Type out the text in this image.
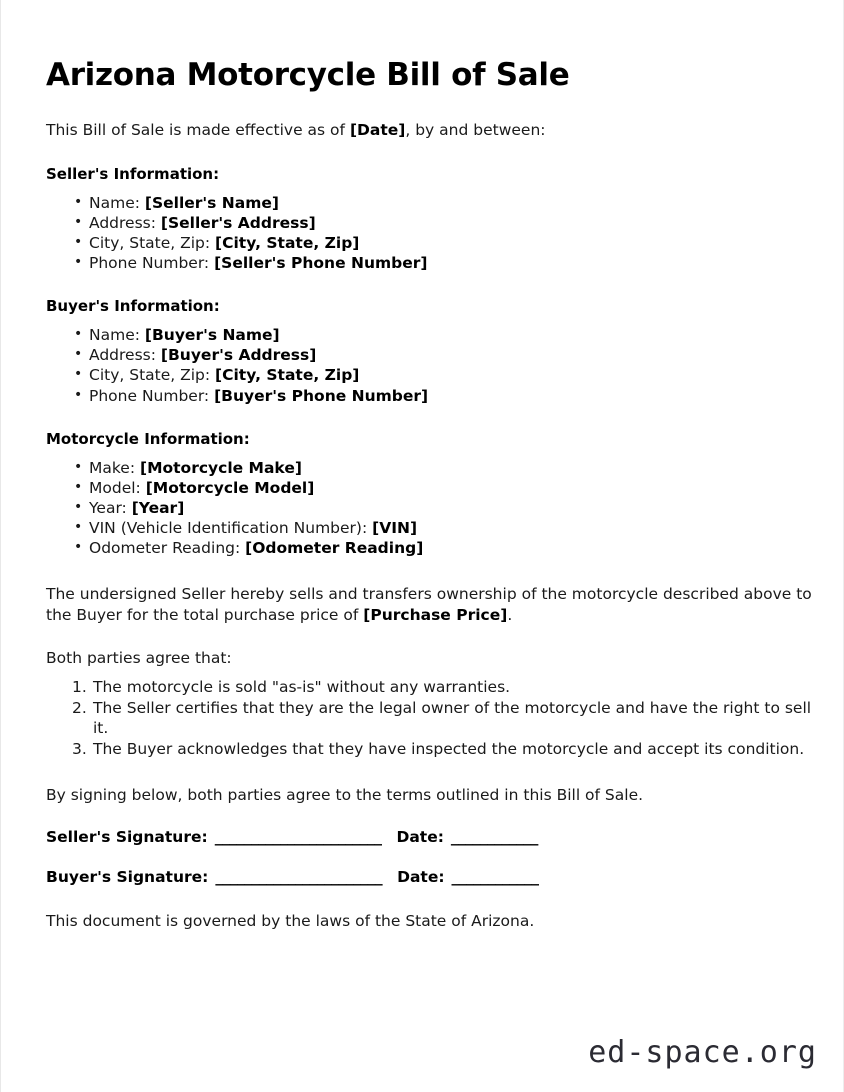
Arizona Motorcycle Bill of Sale

This Bill of Sale is made effective as of [Date], by and between:

Seller's Information:
• Name: [Seller's Name]
• Address: [Seller's Address]
• City, State, Zip: [City, State, Zip]
• Phone Number: [Seller's Phone Number]
Buyer's Information:
• Name: [Buyer's Name]
• Address: [Buyer's Address]
• City, State, Zip: [City, State, Zip]
• Phone Number: [Buyer's Phone Number]
Motorcycle Information:
• Make: [Motorcycle Make]
• Model: [Motorcycle Model]
• Year: [Year]
• VIN (Vehicle Identification Number): [VIN]
• Odometer Reading: [Odometer Reading]

The undersigned Seller hereby sells and transfers ownership of the motorcycle described above to the Buyer for the total purchase price of [Purchase Price].

Both parties agree that:

The motorcycle is sold "as-is" without any warranties.
The Seller certifies that they are the legal owner of the motorcycle and have the right to sell it.
The Buyer acknowledges that they have inspected the motorcycle and accept its condition.

By signing below, both parties agree to the terms outlined in this Bill of Sale.

Seller's Signature: _______________________ Date: ____________
Buyer's Signature: _______________________ Date: ____________

This document is governed by the laws of the State of Arizona.

ed-space.org
